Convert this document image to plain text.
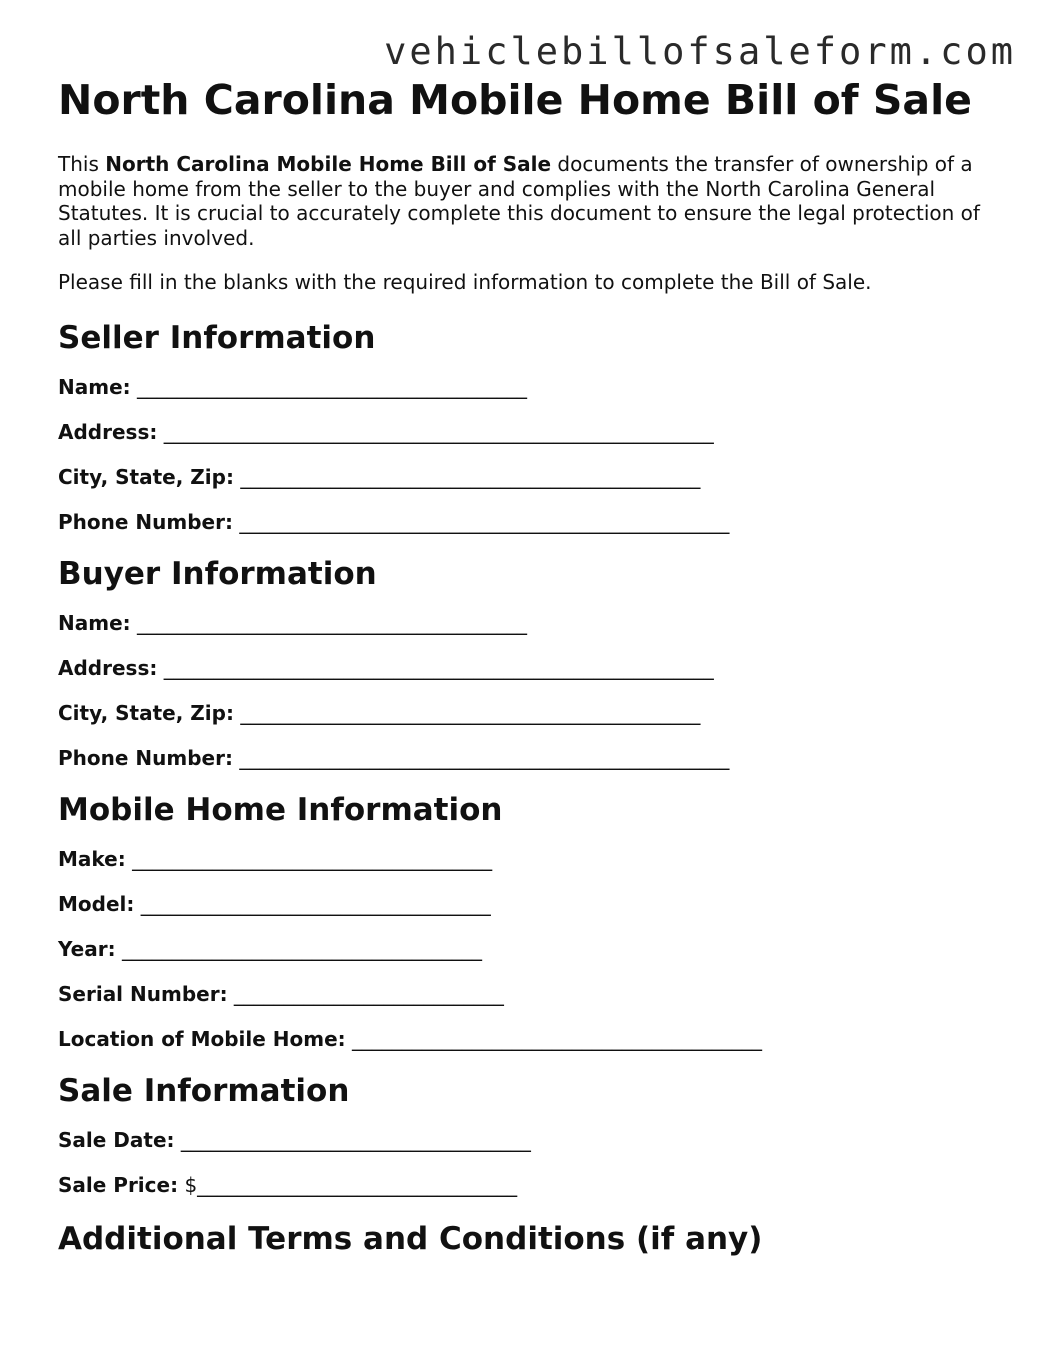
vehiclebillofsaleform.com
North Carolina Mobile Home Bill of Sale

This North Carolina Mobile Home Bill of Sale documents the transfer of ownership of a mobile home from the seller to the buyer and complies with the North Carolina General Statutes. It is crucial to accurately complete this document to ensure the legal protection of all parties involved.

Please fill in the blanks with the required information to complete the Bill of Sale.

Seller Information
Name: _______________________________________
Address: _______________________________________________________
City, State, Zip: ______________________________________________
Phone Number: _________________________________________________
Buyer Information
Name: _______________________________________
Address: _______________________________________________________
City, State, Zip: ______________________________________________
Phone Number: _________________________________________________
Mobile Home Information
Make: ____________________________________
Model: ___________________________________
Year: ____________________________________
Serial Number: ___________________________
Location of Mobile Home: _________________________________________
Sale Information
Sale Date: ___________________________________
Sale Price: $________________________________
Additional Terms and Conditions (if any)
